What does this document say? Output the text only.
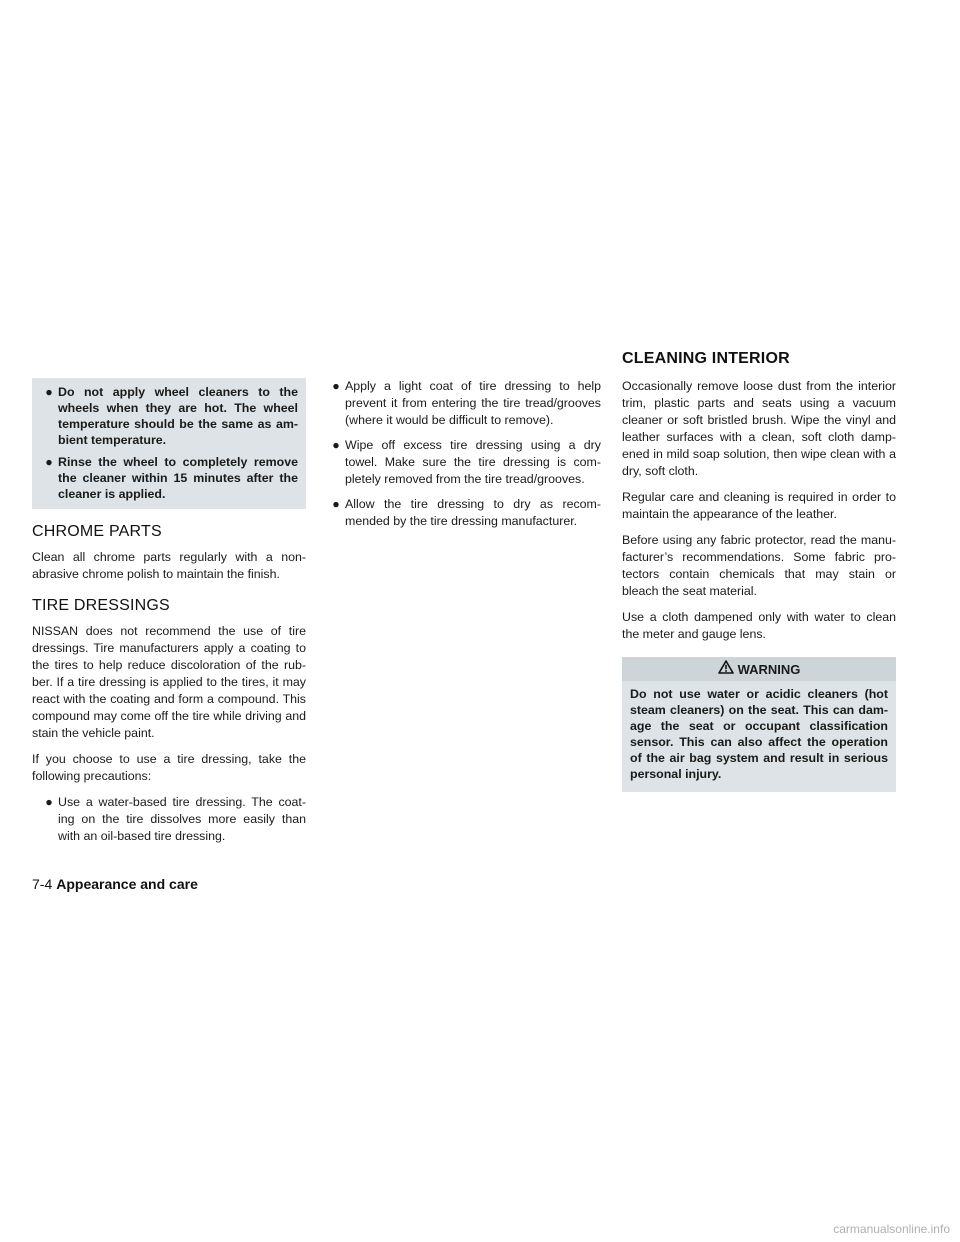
CLEANING INTERIOR
● Do not apply wheel cleaners to the wheels when they are hot. The wheel temperature should be the same as am-bient temperature.
● Rinse the wheel to completely remove the cleaner within 15 minutes after the cleaner is applied.
CHROME PARTS

Clean all chrome parts regularly with a non-abrasive chrome polish to maintain the finish.

TIRE DRESSINGS

NISSAN does not recommend the use of tire dressings. Tire manufacturers apply a coating to the tires to help reduce discoloration of the rub-ber. If a tire dressing is applied to the tires, it may react with the coating and form a compound. This compound may come off the tire while driving and stain the vehicle paint.

If you choose to use a tire dressing, take the following precautions:

● Use a water-based tire dressing. The coat-ing on the tire dissolves more easily than with an oil-based tire dressing.
● Apply a light coat of tire dressing to help prevent it from entering the tire tread/grooves (where it would be difficult to remove).
● Wipe off excess tire dressing using a dry towel. Make sure the tire dressing is com-pletely removed from the tire tread/grooves.
● Allow the tire dressing to dry as recom-mended by the tire dressing manufacturer.

Occasionally remove loose dust from the interior trim, plastic parts and seats using a vacuum cleaner or soft bristled brush. Wipe the vinyl and leather surfaces with a clean, soft cloth damp-ened in mild soap solution, then wipe clean with a dry, soft cloth.

Regular care and cleaning is required in order to maintain the appearance of the leather.

Before using any fabric protector, read the manu-facturer’s recommendations. Some fabric pro-tectors contain chemicals that may stain or bleach the seat material.

Use a cloth dampened only with water to clean the meter and gauge lens.

WARNING
Do not use water or acidic cleaners (hot steam cleaners) on the seat. This can dam-age the seat or occupant classification sensor. This can also affect the operation of the air bag system and result in serious personal injury.
7-4 Appearance and care
carmanualsonline.info
